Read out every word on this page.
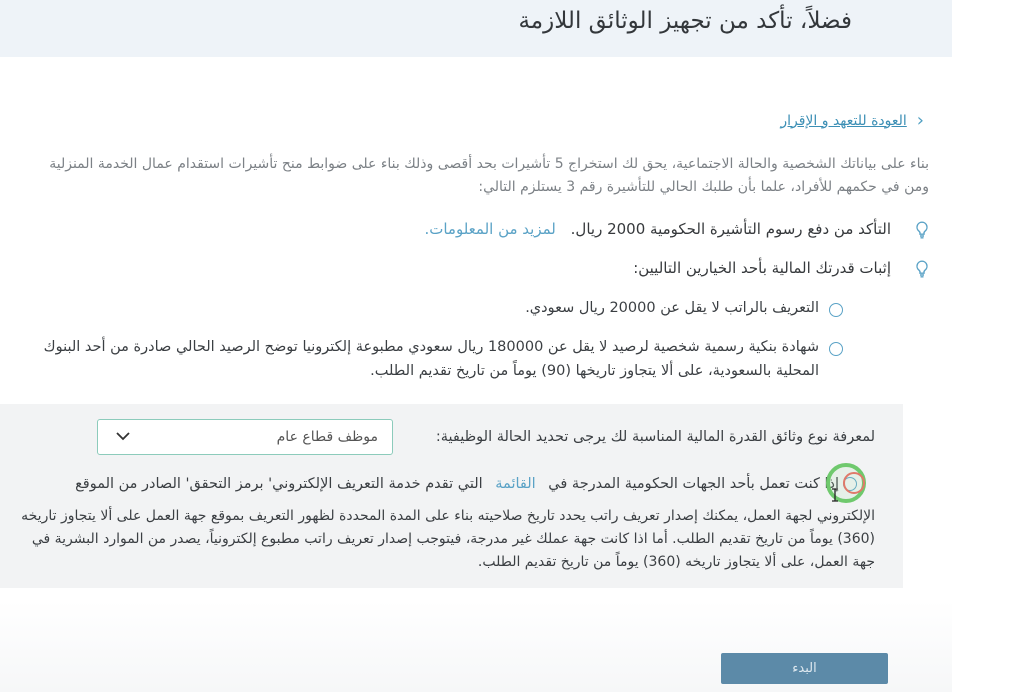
فضلاً، تأكد من تجهيز الوثائق اللازمة
‹
العودة للتعهد و الإقرار
بناء على بياناتك الشخصية والحالة الاجتماعية، يحق لك استخراج 5 تأشيرات بحد أقصى وذلك بناء على ضوابط منح تأشيرات استقدام عمال الخدمة المنزلية ومن في حكمهم للأفراد، علما بأن طلبك الحالي للتأشيرة رقم 3 يستلزم التالي:
التأكد من دفع رسوم التأشيرة الحكومية 2000 ريال. لمزيد من المعلومات.
إثبات قدرتك المالية بأحد الخيارين التاليين:
التعريف بالراتب لا يقل عن 20000 ريال سعودي.
شهادة بنكية رسمية شخصية لرصيد لا يقل عن 180000 ريال سعودي مطبوعة إلكترونيا توضح الرصيد الحالي صادرة من أحد البنوك المحلية بالسعودية، على ألا يتجاوز تاريخها (90) يوماً من تاريخ تقديم الطلب.
لمعرفة نوع وثائق القدرة المالية المناسبة لك يرجى تحديد الحالة الوظيفية:
موظف قطاع عام
إذا كنت تعمل بأحد الجهات الحكومية المدرجة في القائمة التي تقدم خدمة التعريف الإلكتروني' برمز التحقق' الصادر من الموقع
الإلكتروني لجهة العمل، يمكنك إصدار تعريف راتب يحدد تاريخ صلاحيته بناء على المدة المحددة لظهور التعريف بموقع جهة العمل على ألا يتجاوز تاريخه (360) يوماً من تاريخ تقديم الطلب. أما اذا كانت جهة عملك غير مدرجة، فيتوجب إصدار تعريف راتب مطبوع إلكترونياً، يصدر من الموارد البشرية في جهة العمل، على ألا يتجاوز تاريخه (360) يوماً من تاريخ تقديم الطلب.
البدء
